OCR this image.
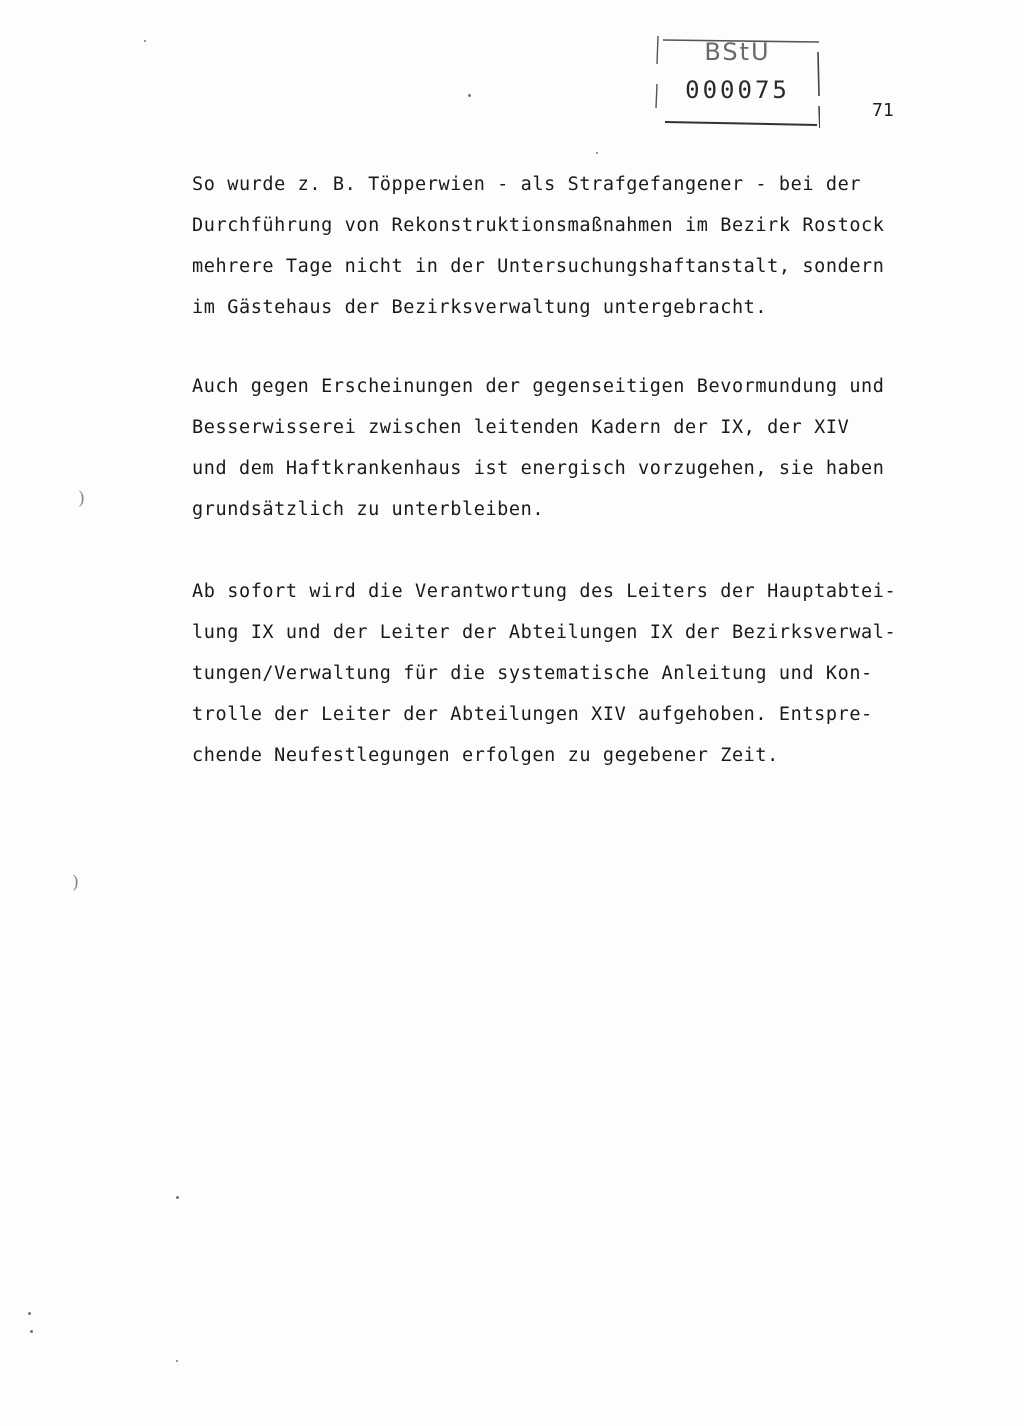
BStU
000075
71

So wurde z. B. Töpperwien - als Strafgefangener - bei der
Durchführung von Rekonstruktionsmaßnahmen im Bezirk Rostock
mehrere Tage nicht in der Untersuchungshaftanstalt, sondern
im Gästehaus der Bezirksverwaltung untergebracht.

Auch gegen Erscheinungen der gegenseitigen Bevormundung und
Besserwisserei zwischen leitenden Kadern der IX, der XIV
und dem Haftkrankenhaus ist energisch vorzugehen, sie haben
grundsätzlich zu unterbleiben.

Ab sofort wird die Verantwortung des Leiters der Hauptabtei-
lung IX und der Leiter der Abteilungen IX der Bezirksverwal-
tungen/Verwaltung für die systematische Anleitung und Kon-
trolle der Leiter der Abteilungen XIV aufgehoben. Entspre-
chende Neufestlegungen erfolgen zu gegebener Zeit.

)
)
